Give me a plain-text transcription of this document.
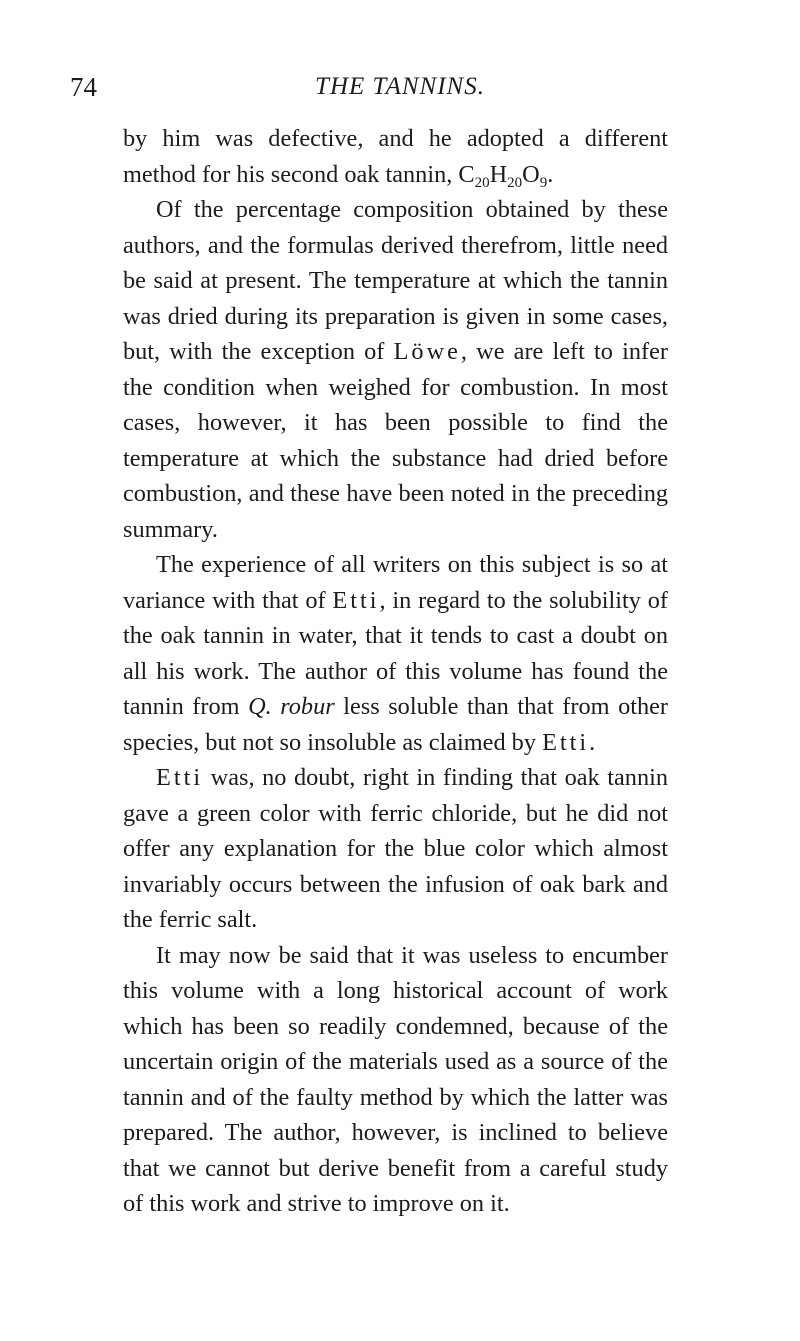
74	THE TANNINS.

by him was defective, and he adopted a different method for his second oak tannin, $C_{20}H_{20}O_9$.

Of the percentage composition obtained by these authors, and the formulas derived therefrom, little need be said at present. The temperature at which the tannin was dried during its preparation is given in some cases, but, with the exception of Löwe, we are left to infer the condition when weighed for combustion. In most cases, however, it has been possible to find the temperature at which the substance had dried before combustion, and these have been noted in the preceding summary.

The experience of all writers on this subject is so at variance with that of Etti, in regard to the solubility of the oak tannin in water, that it tends to cast a doubt on all his work. The author of this volume has found the tannin from Q. robur less soluble than that from other species, but not so insoluble as claimed by Etti.

Etti was, no doubt, right in finding that oak tannin gave a green color with ferric chloride, but he did not offer any explanation for the blue color which almost invariably occurs between the infusion of oak bark and the ferric salt.

It may now be said that it was useless to encumber this volume with a long historical account of work which has been so readily condemned, because of the uncertain origin of the materials used as a source of the tannin and of the faulty method by which the latter was prepared. The author, however, is inclined to believe that we cannot but derive benefit from a careful study of this work and strive to improve on it.
